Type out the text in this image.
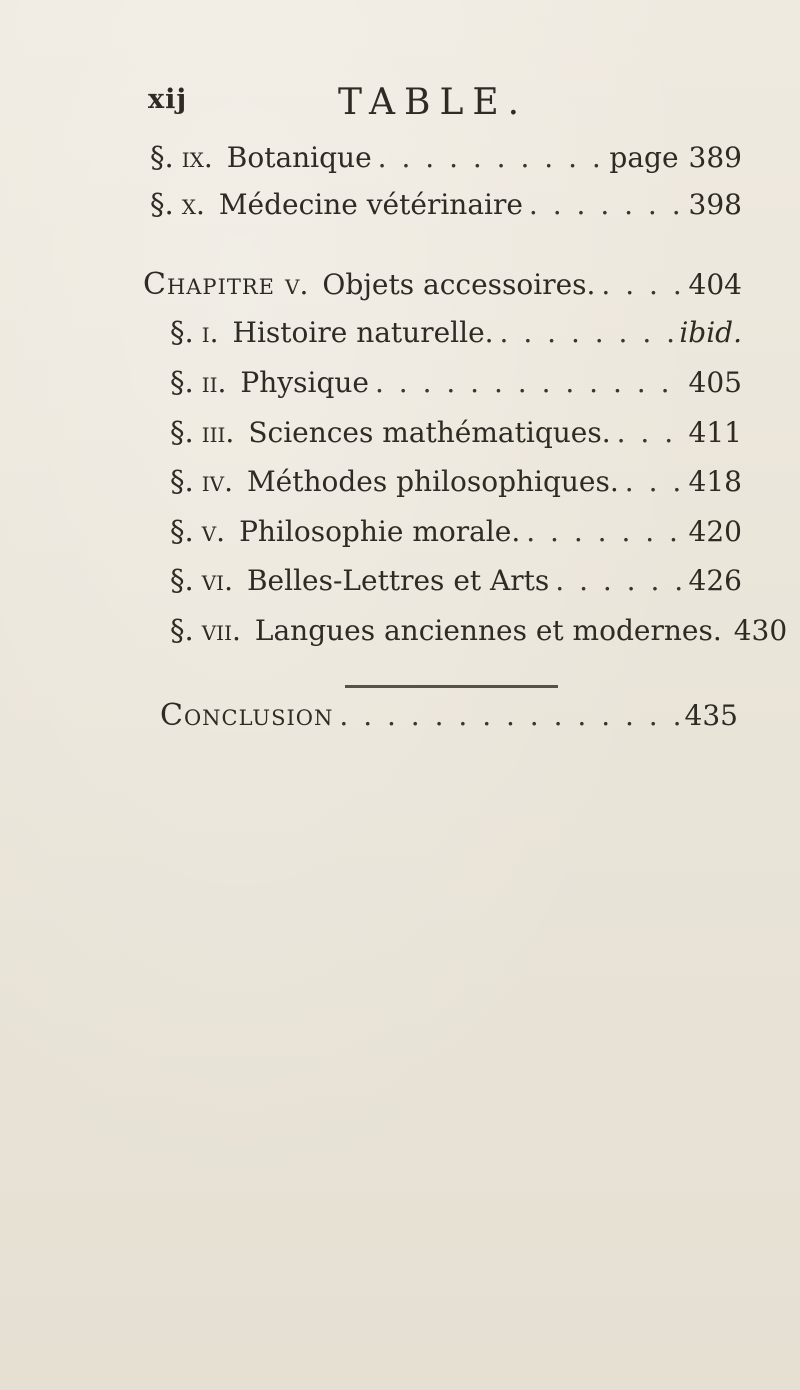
xij	TABLE.
§. ix. Botanique . . .	page 389
§. x. Médecine vétérinaire . . .	398
Chapitre v. Objets accessoires. . . .	404
§. i. Histoire naturelle. . . .	ibid.
§. ii. Physique . . .	405
§. iii. Sciences mathématiques. . . .	411
§. iv. Méthodes philosophiques. . . . 418
§. v. Philosophie morale. . . .	420
§. vi. Belles-Lettres et Arts . . .	426
§. vii. Langues anciennes et modernes. 430
Conclusion . . .	435
